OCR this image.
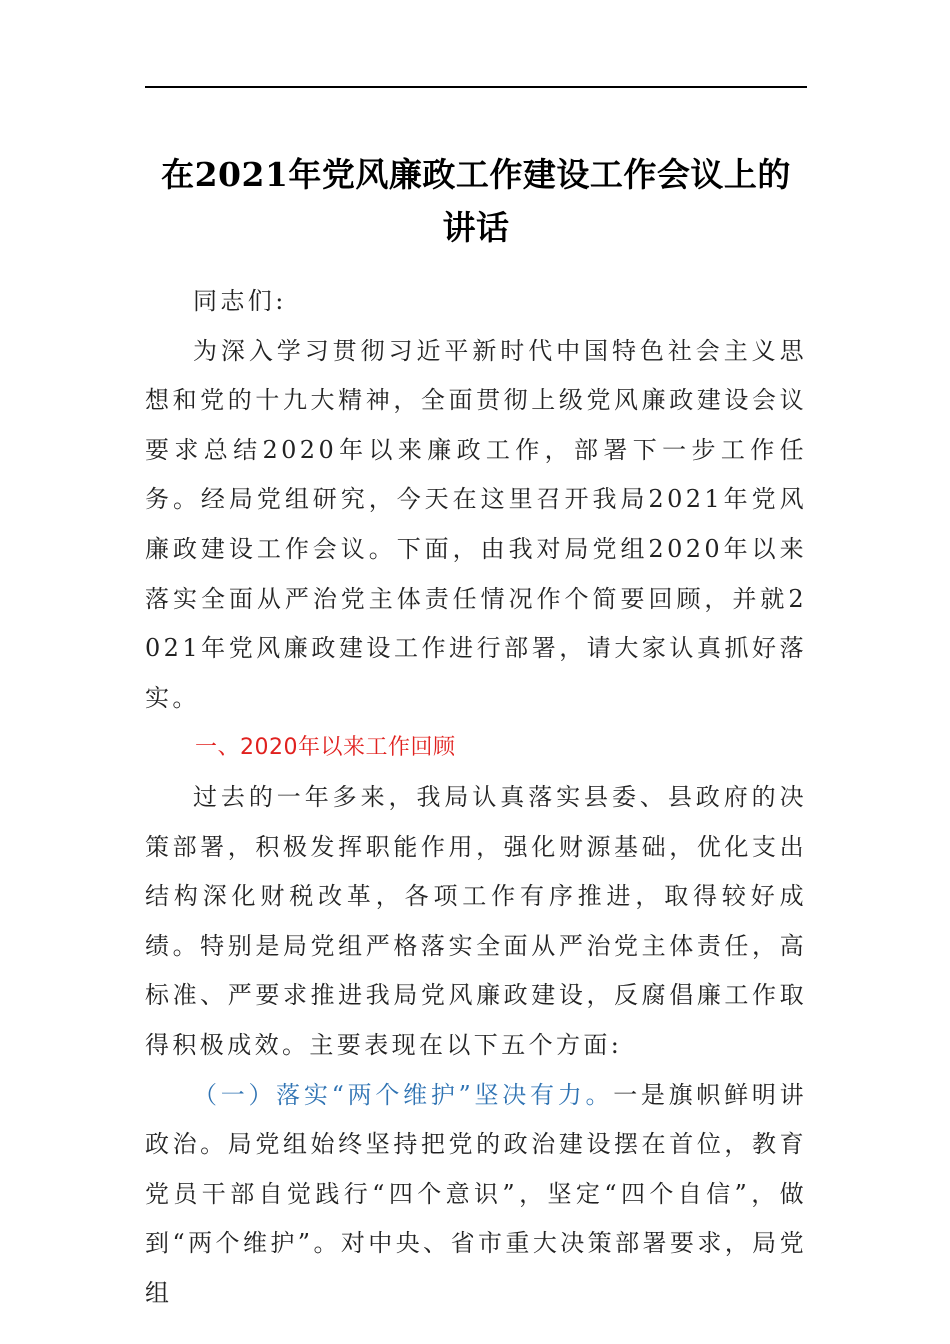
在2021年党风廉政工作建设工作会议上的
讲话

同志们:

为深入学习贯彻习近平新时代中国特色社会主义思想和党的十九大精神，全面贯彻上级党风廉政建设会议要求总结2020年以来廉政工作，部署下一步工作任务。经局党组研究，今天在这里召开我局2021年党风廉政建设工作会议。下面，由我对局党组2020年以来落实全面从严治党主体责任情况作个简要回顾，并就2021年党风廉政建设工作进行部署，请大家认真抓好落实。

一、2020年以来工作回顾

过去的一年多来，我局认真落实县委、县政府的决策部署，积极发挥职能作用，强化财源基础，优化支出结构深化财税改革，各项工作有序推进，取得较好成绩。特别是局党组严格落实全面从严治党主体责任，高标准、严要求推进我局党风廉政建设，反腐倡廉工作取得积极成效。主要表现在以下五个方面:

（一）落实“两个维护”坚决有力。一是旗帜鲜明讲政治。局党组始终坚持把党的政治建设摆在首位，教育党员干部自觉践行“四个意识”，坚定“四个自信”，做到“两个维护”。对中央、省市重大决策部署要求，局党组
